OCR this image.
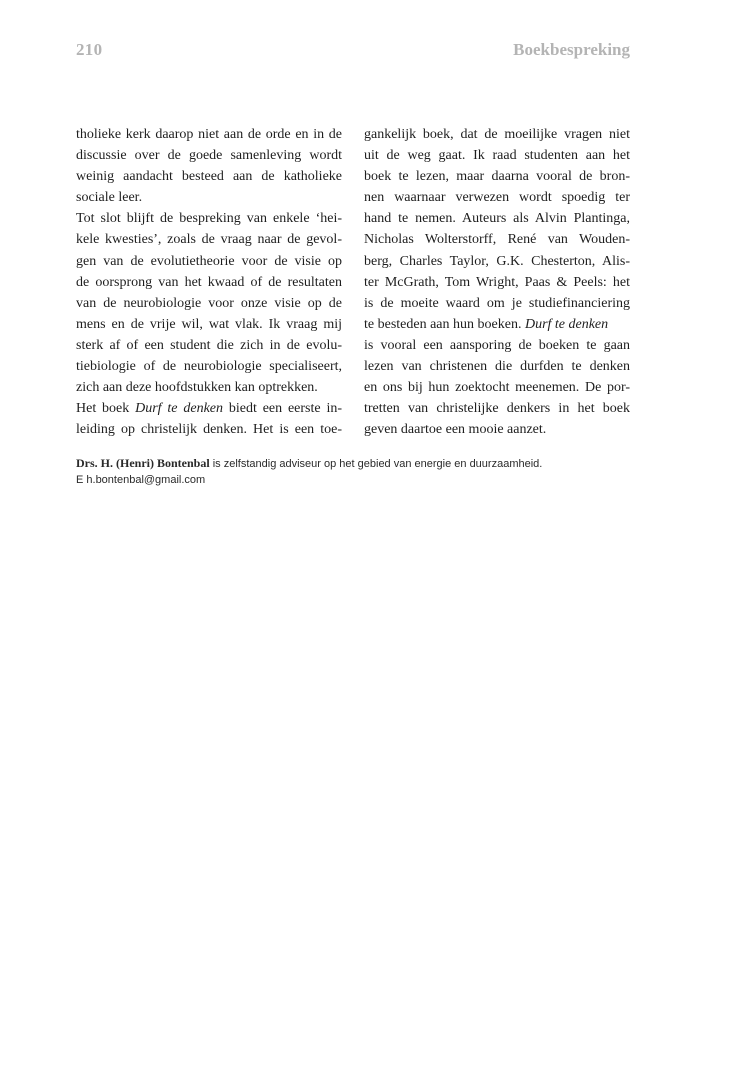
210	Boekbespreking
tholieke kerk daarop niet aan de orde en in de
discussie over de goede samenleving wordt
weinig aandacht besteed aan de katholieke
sociale leer.
Tot slot blijft de bespreking van enkele ‘hei-
kele kwesties’, zoals de vraag naar de gevol-
gen van de evolutietheorie voor de visie op
de oorsprong van het kwaad of de resultaten
van de neurobiologie voor onze visie op de
mens en de vrije wil, wat vlak. Ik vraag mij
sterk af of een student die zich in de evolu-
tiebiologie of de neurobiologie specialiseert,
zich aan deze hoofdstukken kan optrekken.
Het boek Durf te denken biedt een eerste in-
leiding op christelijk denken. Het is een toe-
gankelijk boek, dat de moeilijke vragen niet
uit de weg gaat. Ik raad studenten aan het
boek te lezen, maar daarna vooral de bron-
nen waarnaar verwezen wordt spoedig ter
hand te nemen. Auteurs als Alvin Plantinga,
Nicholas Wolterstorff, René van Wouden-
berg, Charles Taylor, G.K. Chesterton, Alis-
ter McGrath, Tom Wright, Paas & Peels: het
is de moeite waard om je studiefinanciering
te besteden aan hun boeken. Durf te denken
is vooral een aansporing de boeken te gaan
lezen van christenen die durfden te denken
en ons bij hun zoektocht meenemen. De por-
tretten van christelijke denkers in het boek
geven daartoe een mooie aanzet.
Drs. H. (Henri) Bontenbal is zelfstandig adviseur op het gebied van energie en duurzaamheid.
E h.bontenbal@gmail.com
